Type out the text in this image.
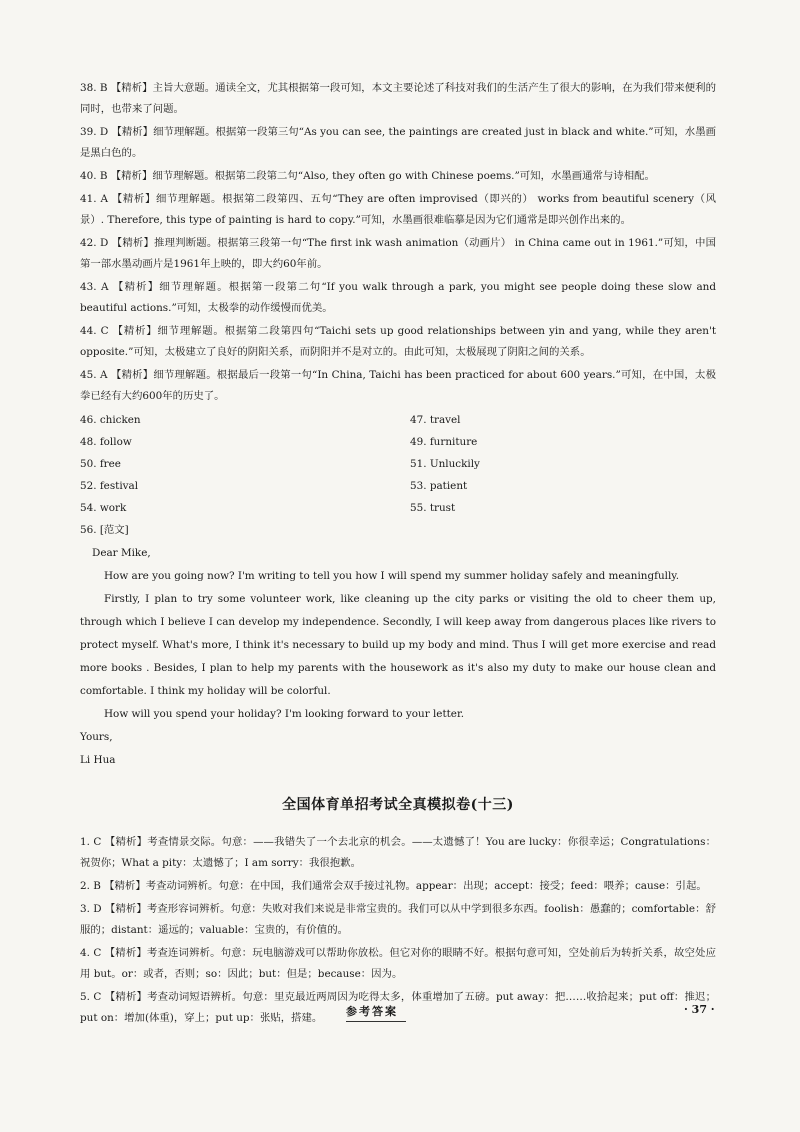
38. B 【精析】主旨大意题。通读全文，尤其根据第一段可知，本文主要论述了科技对我们的生活产生了很大的影响，在为我们带来便利的同时，也带来了问题。
39. D 【精析】细节理解题。根据第一段第三句“As you can see, the paintings are created just in black and white.”可知，水墨画是黑白色的。
40. B 【精析】细节理解题。根据第二段第二句“Also, they often go with Chinese poems.”可知，水墨画通常与诗相配。
41. A 【精析】细节理解题。根据第二段第四、五句“They are often improvised（即兴的） works from beautiful scenery（风景）. Therefore, this type of painting is hard to copy.”可知，水墨画很难临摹是因为它们通常是即兴创作出来的。
42. D 【精析】推理判断题。根据第三段第一句“The first ink wash animation（动画片） in China came out in 1961.”可知，中国第一部水墨动画片是1961年上映的，即大约60年前。
43. A 【精析】细节理解题。根据第一段第二句“If you walk through a park, you might see people doing these slow and beautiful actions.”可知，太极拳的动作缓慢而优美。
44. C 【精析】细节理解题。根据第二段第四句“Taichi sets up good relationships between yin and yang, while they aren't opposite.”可知，太极建立了良好的阴阳关系，而阴阳并不是对立的。由此可知，太极展现了阴阳之间的关系。
45. A 【精析】细节理解题。根据最后一段第一句“In China, Taichi has been practiced for about 600 years.”可知，在中国，太极拳已经有大约600年的历史了。
46. chicken	47. travel
48. follow	49. furniture
50. free	51. Unluckily
52. festival	53. patient
54. work	55. trust

56. [范文]

Dear Mike,

How are you going now? I'm writing to tell you how I will spend my summer holiday safely and meaningfully.

Firstly, I plan to try some volunteer work, like cleaning up the city parks or visiting the old to cheer them up, through which I believe I can develop my independence. Secondly, I will keep away from dangerous places like rivers to protect myself. What's more, I think it's necessary to build up my body and mind. Thus I will get more exercise and read more books . Besides, I plan to help my parents with the housework as it's also my duty to make our house clean and comfortable. I think my holiday will be colorful.

How will you spend your holiday? I'm looking forward to your letter.

Yours,

Li Hua

全国体育单招考试全真模拟卷(十三)
1. C 【精析】考查情景交际。句意：——我错失了一个去北京的机会。——太遗憾了！You are lucky：你很幸运；Congratulations：祝贺你；What a pity：太遗憾了；I am sorry：我很抱歉。
2. B 【精析】考查动词辨析。句意：在中国，我们通常会双手接过礼物。appear：出现；accept：接受；feed：喂养；cause：引起。
3. D 【精析】考查形容词辨析。句意：失败对我们来说是非常宝贵的。我们可以从中学到很多东西。foolish：愚蠢的；comfortable：舒服的；distant：遥远的；valuable：宝贵的，有价值的。
4. C 【精析】考查连词辨析。句意：玩电脑游戏可以帮助你放松。但它对你的眼睛不好。根据句意可知，空处前后为转折关系，故空处应用 but。or：或者，否则；so：因此；but：但是；because：因为。
5. C 【精析】考查动词短语辨析。句意：里克最近两周因为吃得太多，体重增加了五磅。put away：把……收拾起来；put off：推迟；put on：增加(体重)，穿上；put up：张贴，搭建。	参考答案	· 37 ·
